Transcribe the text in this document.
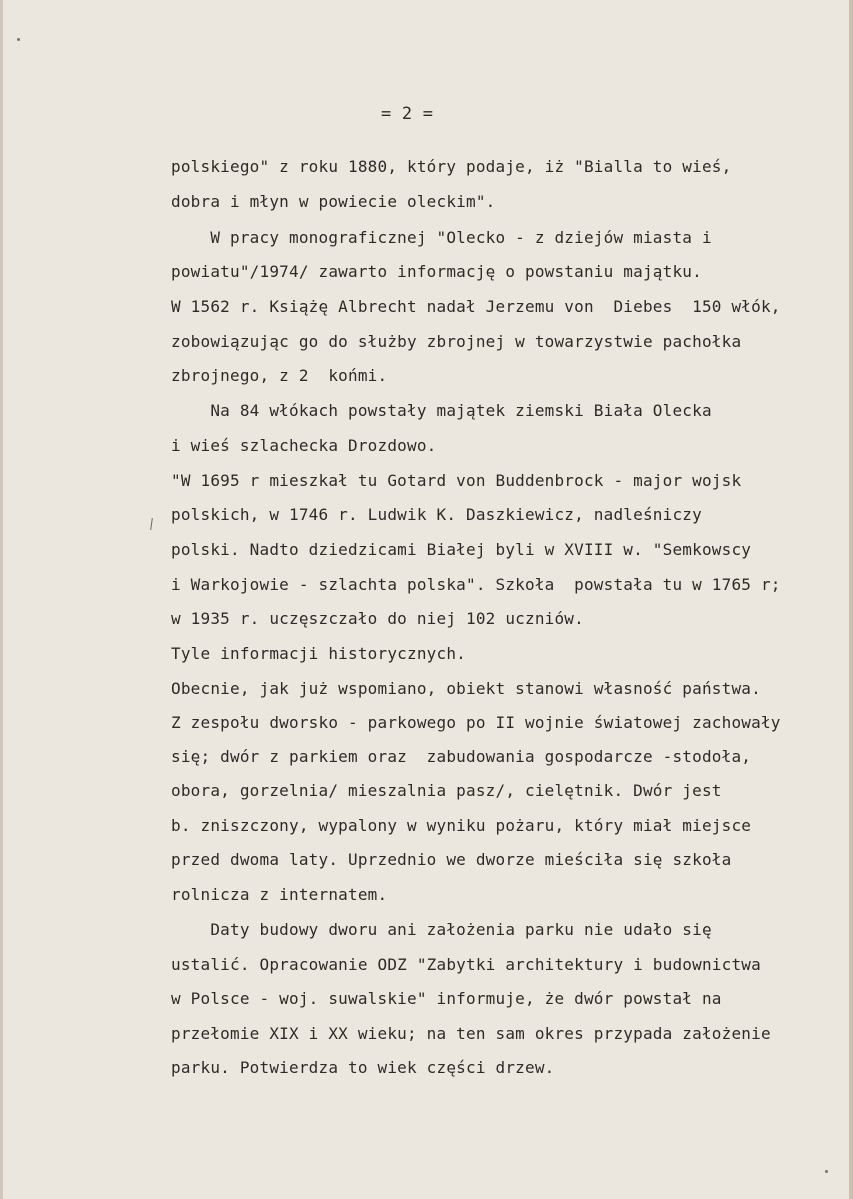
= 2 =
polskiego" z roku 1880, który podaje, iż "Bialla to wieś,
dobra i młyn w powiecie oleckim".
W pracy monograficznej "Olecko - z dziejów miasta i
powiatu"/1974/ zawarto informację o powstaniu majątku.
W 1562 r. Książę Albrecht nadał Jerzemu von  Diebes  150 włók,
zobowiązując go do służby zbrojnej w towarzystwie pachołka
zbrojnego, z 2  końmi.
Na 84 włókach powstały majątek ziemski Biała Olecka
i wieś szlachecka Drozdowo.
"W 1695 r mieszkał tu Gotard von Buddenbrock - major wojsk
polskich, w 1746 r. Ludwik K. Daszkiewicz, nadleśniczy
polski. Nadto dziedzicami Białej byli w XVIII w. "Semkowscy
i Warkojowie - szlachta polska". Szkoła  powstała tu w 1765 r;
w 1935 r. uczęszczało do niej 102 uczniów.
Tyle informacji historycznych.
Obecnie, jak już wspomiano, obiekt stanowi własność państwa.
Z zespołu dworsko - parkowego po II wojnie światowej zachowały
się; dwór z parkiem oraz  zabudowania gospodarcze -stodoła,
obora, gorzelnia/ mieszalnia pasz/, cielętnik. Dwór jest
b. zniszczony, wypalony w wyniku pożaru, który miał miejsce
przed dwoma laty. Uprzednio we dworze mieściła się szkoła
rolnicza z internatem.
Daty budowy dworu ani założenia parku nie udało się
ustalić. Opracowanie ODZ "Zabytki architektury i budownictwa
w Polsce - woj. suwalskie" informuje, że dwór powstał na
przełomie XIX i XX wieku; na ten sam okres przypada założenie
parku. Potwierdza to wiek części drzew.
